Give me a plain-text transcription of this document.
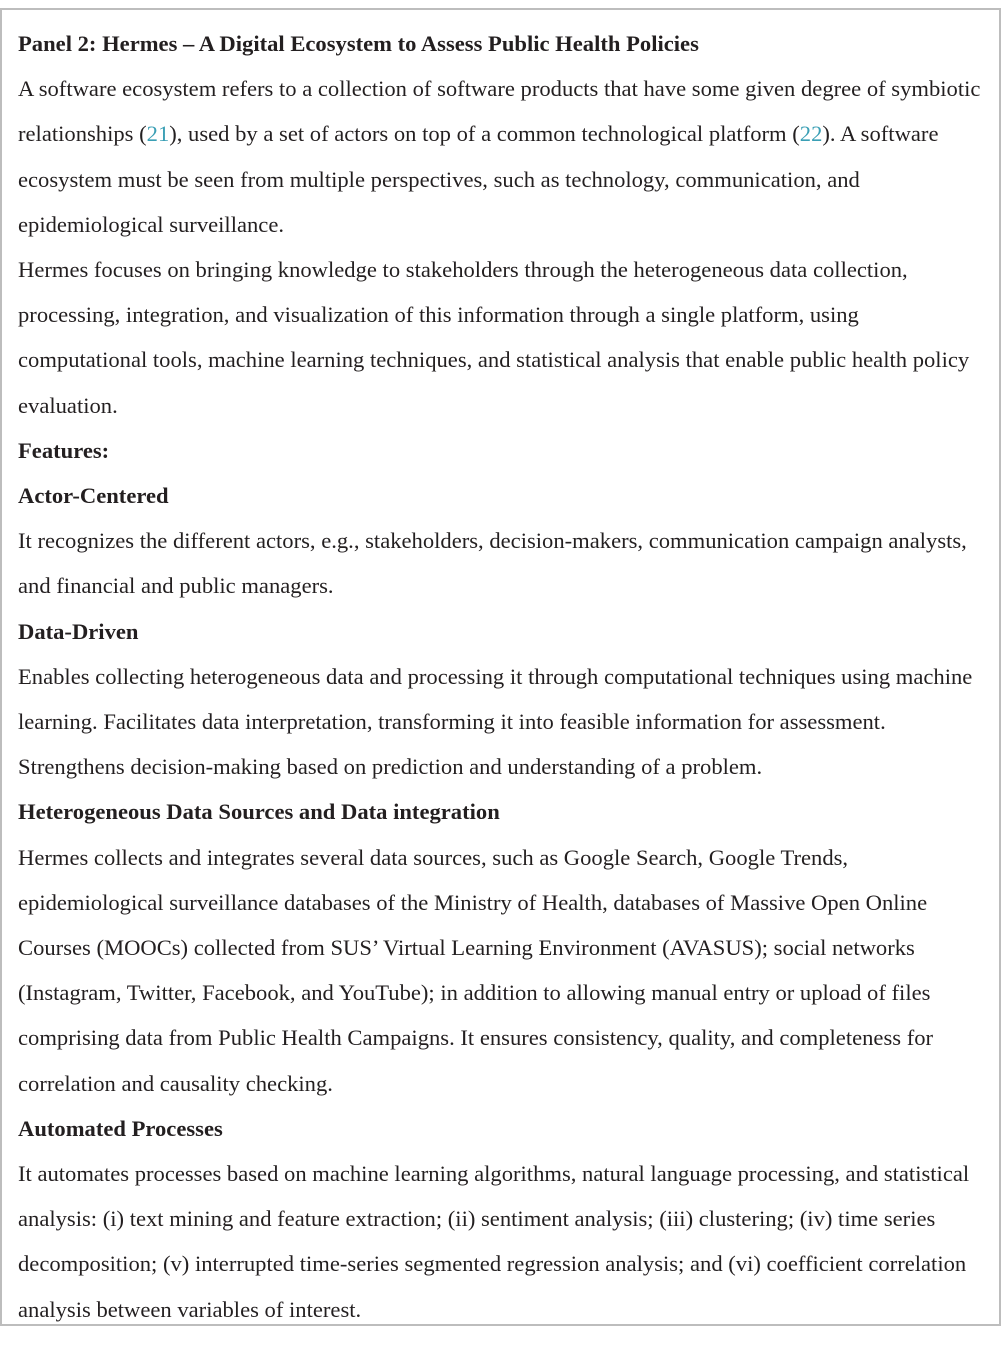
Panel 2: Hermes – A Digital Ecosystem to Assess Public Health Policies

A software ecosystem refers to a collection of software products that have some given degree of symbiotic relationships (21), used by a set of actors on top of a common technological platform (22). A software ecosystem must be seen from multiple perspectives, such as technology, communication, and epidemiological surveillance.

Hermes focuses on bringing knowledge to stakeholders through the heterogeneous data collection, processing, integration, and visualization of this information through a single platform, using computational tools, machine learning techniques, and statistical analysis that enable public health policy evaluation.

Features:

Actor-Centered

It recognizes the different actors, e.g., stakeholders, decision-makers, communication campaign analysts, and financial and public managers.

Data-Driven

Enables collecting heterogeneous data and processing it through computational techniques using machine learning. Facilitates data interpretation, transforming it into feasible information for assessment. Strengthens decision-making based on prediction and understanding of a problem.

Heterogeneous Data Sources and Data integration

Hermes collects and integrates several data sources, such as Google Search, Google Trends, epidemiological surveillance databases of the Ministry of Health, databases of Massive Open Online Courses (MOOCs) collected from SUS’ Virtual Learning Environment (AVASUS); social networks (Instagram, Twitter, Facebook, and YouTube); in addition to allowing manual entry or upload of files comprising data from Public Health Campaigns. It ensures consistency, quality, and completeness for correlation and causality checking.

Automated Processes

It automates processes based on machine learning algorithms, natural language processing, and statistical analysis: (i) text mining and feature extraction; (ii) sentiment analysis; (iii) clustering; (iv) time series decomposition; (v) interrupted time-series segmented regression analysis; and (vi) coefficient correlation analysis between variables of interest.
